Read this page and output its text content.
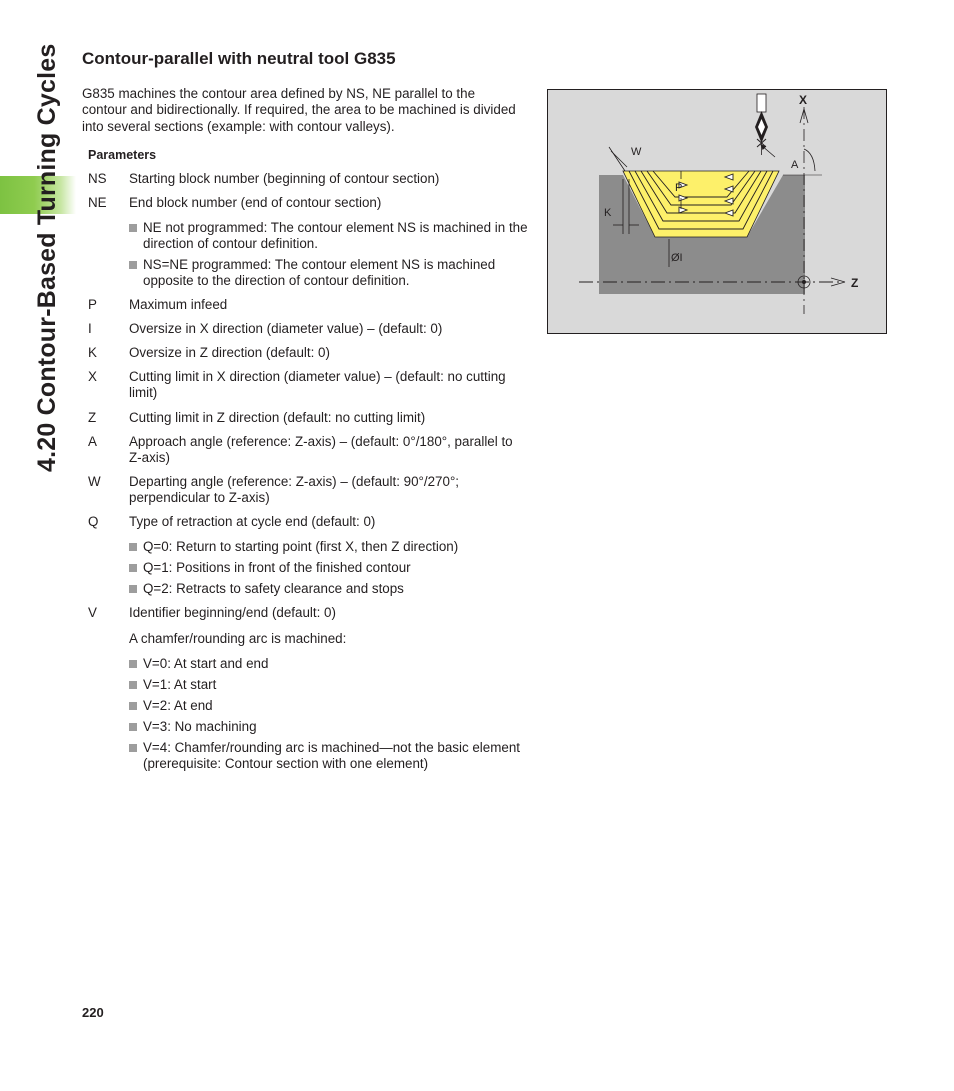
4.20 Contour-Based Turning Cycles Contour-parallel with neutral tool G835

G835 machines the contour area defined by NS, NE parallel to the contour and bidirectionally. If required, the area to be machined is divided into several sections (example: with contour valleys).

Parameters
NS	Starting block number (beginning of contour section)
NE	End block number (end of contour section)
NE not programmed: The contour element NS is machined in the direction of contour definition.
NS=NE programmed: The contour element NS is machined opposite to the direction of contour definition.
P	Maximum infeed
I	Oversize in X direction (diameter value) – (default: 0)
K	Oversize in Z direction (default: 0)
X	Cutting limit in X direction (diameter value) – (default: no cutting limit)
Z	Cutting limit in Z direction (default: no cutting limit)
A	Approach angle (reference: Z-axis) – (default: 0°/180°, parallel to Z-axis)
W	Departing angle (reference: Z-axis) – (default: 90°/270°; perpendicular to Z-axis)
Q	Type of retraction at cycle end (default: 0)
Q=0: Return to starting point (first X, then Z direction)
Q=1: Positions in front of the finished contour
Q=2: Retracts to safety clearance and stops
V	Identifier beginning/end (default: 0)
A chamfer/rounding arc is machined:
V=0: At start and end
V=1: At start
V=2: At end
V=3: No machining
V=4: Chamfer/rounding arc is machined—not the basic element (prerequisite: Contour section with one element)
X
Z
W
A
P
K
ØI
220
